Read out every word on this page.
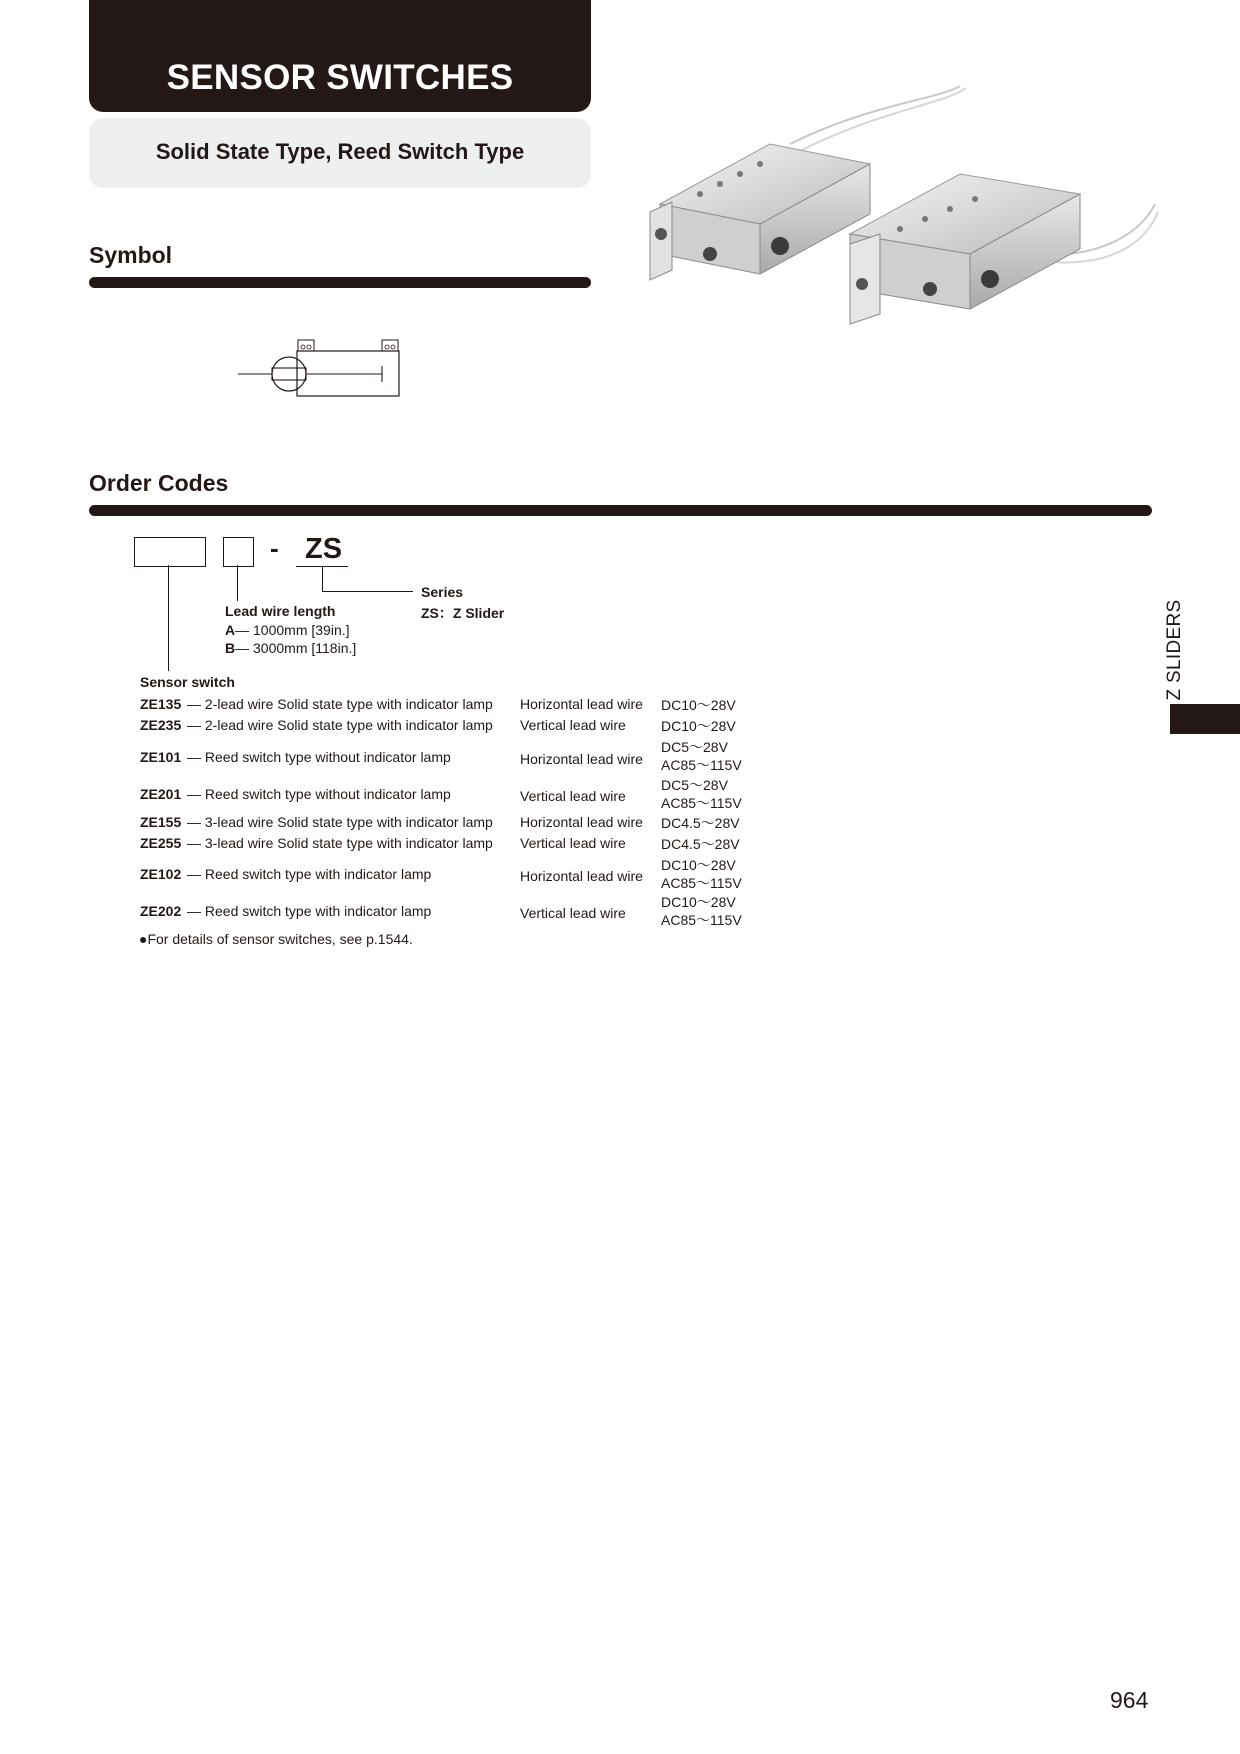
SENSOR SWITCHES
Solid State Type, Reed Switch Type
Symbol
Order Codes
- ZS
Series
ZS：Z Slider
Lead wire length
A— 1000mm [39in.]
B— 3000mm [118in.]
Sensor switch
ZE135 — 2-lead wire Solid state type with indicator lamp Horizontal lead wire DC10～28V
ZE235 — 2-lead wire Solid state type with indicator lamp Vertical lead wire	DC10～28V
ZE101 — Reed switch type without indicator lamp	Horizontal lead wire
DC5～28V
AC85～115V
ZE201 — Reed switch type without indicator lamp	Vertical lead wire
DC5～28V
AC85～115V
ZE155 — 3-lead wire Solid state type with indicator lamp Horizontal lead wire DC4.5～28V
ZE255 — 3-lead wire Solid state type with indicator lamp Vertical lead wire	DC4.5～28V
ZE102 — Reed switch type with indicator lamp	Horizontal lead wire
DC10～28V
AC85～115V
ZE202 — Reed switch type with indicator lamp	Vertical lead wire
DC10～28V
AC85～115V
●For details of sensor switches, see p.1544.
Z SLIDERS
964
